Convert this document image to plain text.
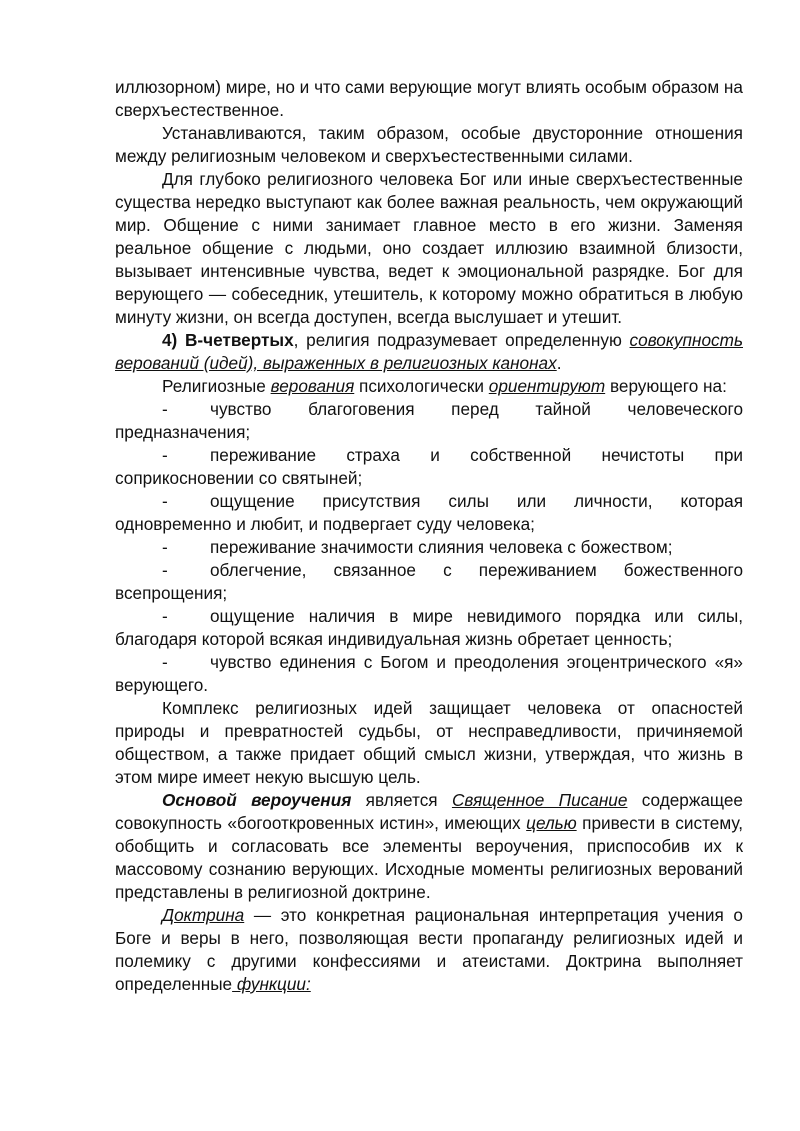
иллюзорном) мире, но и что сами верующие могут влиять особым образом на сверхъестественное.

Устанавливаются, таким образом, особые двусторонние отношения между религиозным человеком и сверхъестественными силами.

Для глубоко религиозного человека Бог или иные сверхъестественные существа нередко выступают как более важная реальность, чем окружающий мир. Общение с ними занимает главное место в его жизни. Заменяя реальное общение с людьми, оно создает иллюзию взаимной близости, вызывает интенсивные чувства, ведет к эмоциональной разрядке. Бог для верующего — собеседник, утешитель, к которому можно обратиться в любую минуту жизни, он всегда доступен, всегда выслушает и утешит.

4) В-четвертых, религия подразумевает определенную совокупность верований (идей), выраженных в религиозных канонах.

Религиозные верования психологически ориентируют верующего на:

- чувство благоговения перед тайной человеческого предназначения;

- переживание страха и собственной нечистоты при соприкосновении со святыней;

- ощущение присутствия силы или личности, которая одновременно и любит, и подвергает суду человека;

- переживание значимости слияния человека с божеством;

- облегчение, связанное с переживанием божественного всепрощения;

- ощущение наличия в мире невидимого порядка или силы, благодаря которой всякая индивидуальная жизнь обретает ценность;

- чувство единения с Богом и преодоления эгоцентрического «я» верующего.

Комплекс религиозных идей защищает человека от опасностей природы и превратностей судьбы, от несправедливости, причиняемой обществом, а также придает общий смысл жизни, утверждая, что жизнь в этом мире имеет некую высшую цель.

Основой вероучения является Священное Писание содержащее совокупность «богооткровенных истин», имеющих целью привести в систему, обобщить и согласовать все элементы вероучения, приспособив их к массовому сознанию верующих. Исходные моменты религиозных верований представлены в религиозной доктрине.

Доктрина — это конкретная рациональная интерпретация учения о Боге и веры в него, позволяющая вести пропаганду религиозных идей и полемику с другими конфессиями и атеистами. Доктрина выполняет определенные функции:
